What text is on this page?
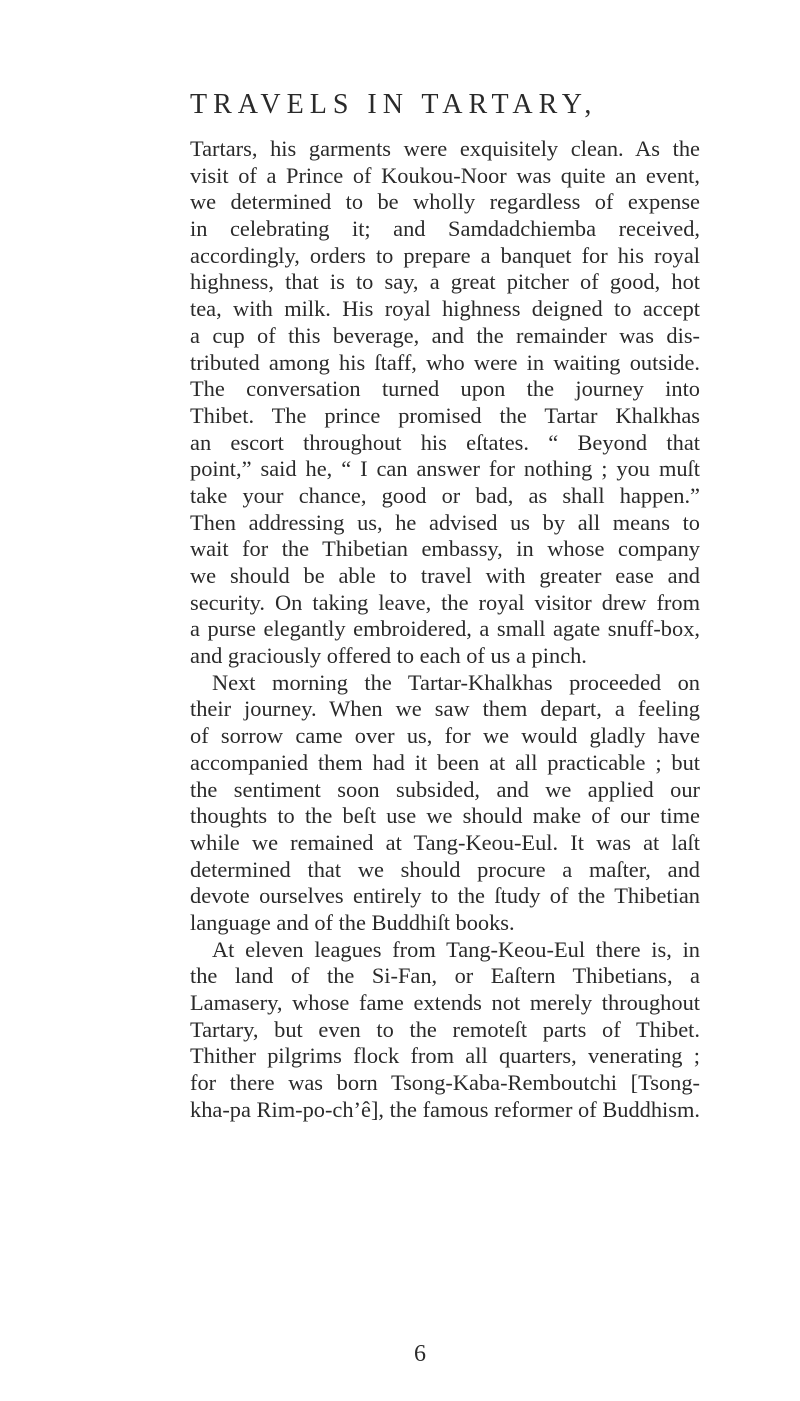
TRAVELS IN TARTARY,
Tartars, his garments were exquisitely clean. As the
visit of a Prince of Koukou-Noor was quite an event,
we determined to be wholly regardless of expense
in celebrating it; and Samdadchiemba received,
accordingly, orders to prepare a banquet for his royal
highness, that is to say, a great pitcher of good, hot
tea, with milk. His royal highness deigned to accept
a cup of this beverage, and the remainder was dis-
tributed among his ſtaff, who were in waiting outside.
The conversation turned upon the journey into
Thibet. The prince promised the Tartar Khalkhas
an escort throughout his eſtates. “ Beyond that
point,” said he, “ I can answer for nothing ; you muſt
take your chance, good or bad, as shall happen.”
Then addressing us, he advised us by all means to
wait for the Thibetian embassy, in whose company
we should be able to travel with greater ease and
security. On taking leave, the royal visitor drew from
a purse elegantly embroidered, a small agate snuff-box,
and graciously offered to each of us a pinch.
Next morning the Tartar-Khalkhas proceeded on
their journey. When we saw them depart, a feeling
of sorrow came over us, for we would gladly have
accompanied them had it been at all practicable ; but
the sentiment soon subsided, and we applied our
thoughts to the beſt use we should make of our time
while we remained at Tang-Keou-Eul. It was at laſt
determined that we should procure a maſter, and
devote ourselves entirely to the ſtudy of the Thibetian
language and of the Buddhiſt books.
At eleven leagues from Tang-Keou-Eul there is, in
the land of the Si-Fan, or Eaſtern Thibetians, a
Lamasery, whose fame extends not merely throughout
Tartary, but even to the remoteſt parts of Thibet.
Thither pilgrims flock from all quarters, venerating ;
for there was born Tsong-Kaba-Remboutchi [Tsong-
kha-pa Rim-po-ch’ê], the famous reformer of Buddhism.
6
